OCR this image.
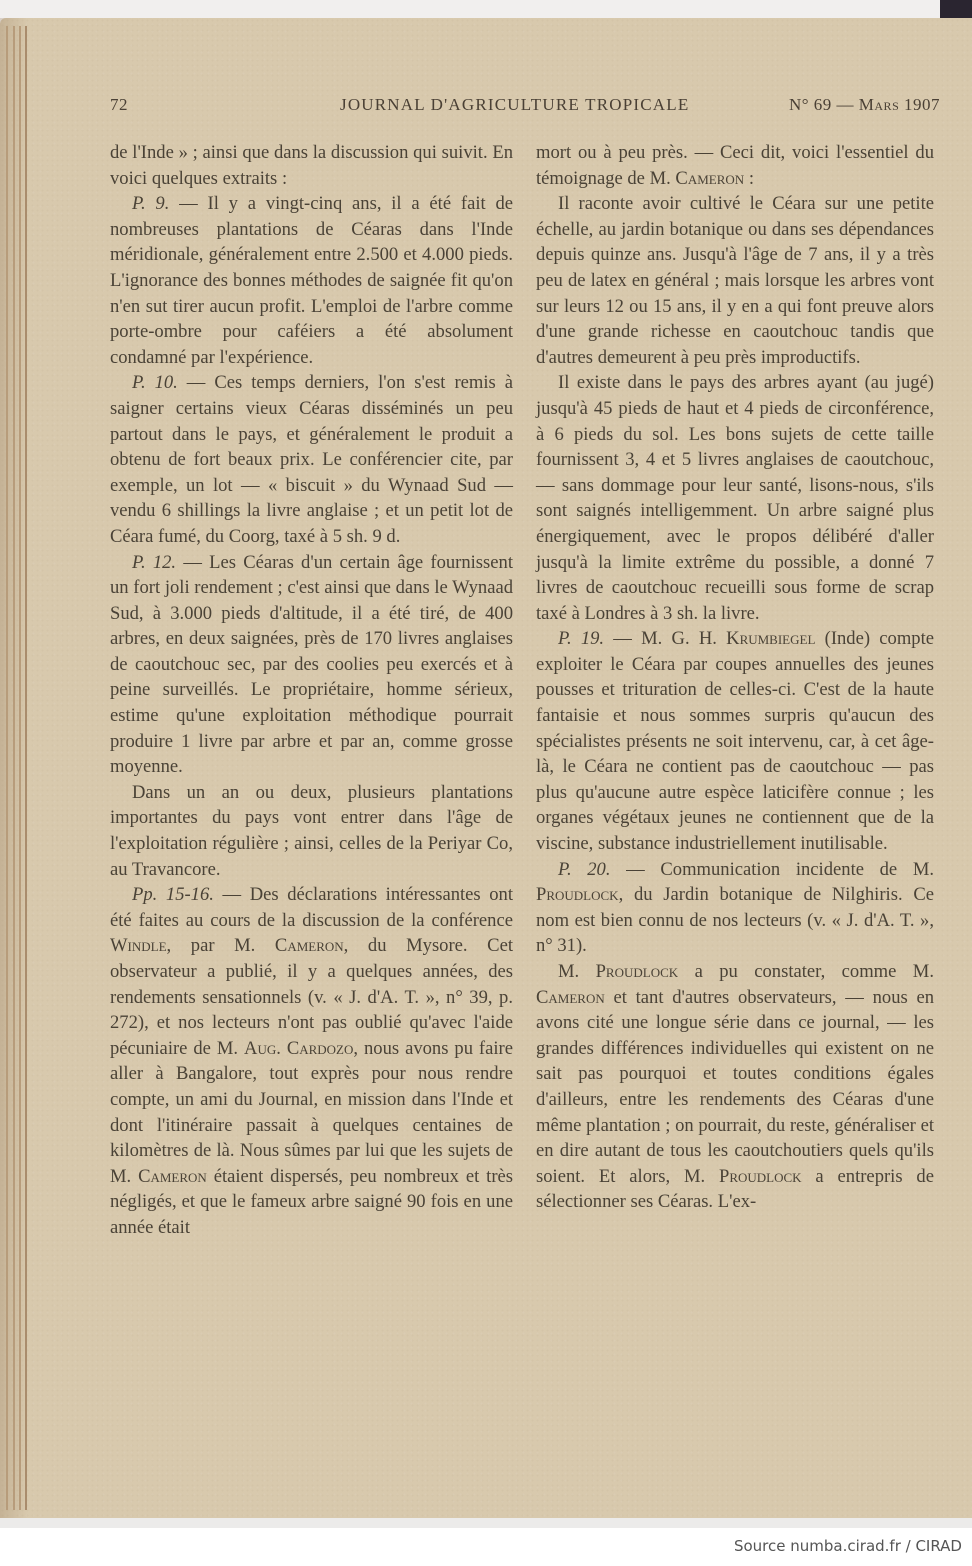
72	JOURNAL D'AGRICULTURE TROPICALE	N° 69 — Mars 1907

de l'Inde » ; ainsi que dans la discussion qui suivit. En voici quelques extraits :

P. 9. — Il y a vingt-cinq ans, il a été fait de nombreuses plantations de Céaras dans l'Inde méridionale, généralement entre 2.500 et 4.000 pieds. L'ignorance des bonnes méthodes de saignée fit qu'on n'en sut tirer aucun profit. L'emploi de l'arbre comme porte-ombre pour caféiers a été absolument condamné par l'expérience.

P. 10. — Ces temps derniers, l'on s'est remis à saigner certains vieux Céaras disséminés un peu partout dans le pays, et généralement le produit a obtenu de fort beaux prix. Le conférencier cite, par exemple, un lot — « biscuit » du Wynaad Sud — vendu 6 shillings la livre anglaise ; et un petit lot de Céara fumé, du Coorg, taxé à 5 sh. 9 d.

P. 12. — Les Céaras d'un certain âge fournissent un fort joli rendement ; c'est ainsi que dans le Wynaad Sud, à 3.000 pieds d'altitude, il a été tiré, de 400 arbres, en deux saignées, près de 170 livres anglaises de caoutchouc sec, par des coolies peu exercés et à peine surveillés. Le propriétaire, homme sérieux, estime qu'une exploitation méthodique pourrait produire 1 livre par arbre et par an, comme grosse moyenne.

Dans un an ou deux, plusieurs plantations importantes du pays vont entrer dans l'âge de l'exploitation régulière ; ainsi, celles de la Periyar Co, au Travancore.

Pp. 15-16. — Des déclarations intéressantes ont été faites au cours de la discussion de la conférence Windle, par M. Cameron, du Mysore. Cet observateur a publié, il y a quelques années, des rendements sensationnels (v. « J. d'A. T. », n° 39, p. 272), et nos lecteurs n'ont pas oublié qu'avec l'aide pécuniaire de M. Aug. Cardozo, nous avons pu faire aller à Bangalore, tout exprès pour nous rendre compte, un ami du Journal, en mission dans l'Inde et dont l'itinéraire passait à quelques centaines de kilomètres de là. Nous sûmes par lui que les sujets de M. Cameron étaient dispersés, peu nombreux et très négligés, et que le fameux arbre saigné 90 fois en une année était

mort ou à peu près. — Ceci dit, voici l'essentiel du témoignage de M. Cameron :

Il raconte avoir cultivé le Céara sur une petite échelle, au jardin botanique ou dans ses dépendances depuis quinze ans. Jusqu'à l'âge de 7 ans, il y a très peu de latex en général ; mais lorsque les arbres vont sur leurs 12 ou 15 ans, il y en a qui font preuve alors d'une grande richesse en caoutchouc tandis que d'autres demeurent à peu près improductifs.

Il existe dans le pays des arbres ayant (au jugé) jusqu'à 45 pieds de haut et 4 pieds de circonférence, à 6 pieds du sol. Les bons sujets de cette taille fournissent 3, 4 et 5 livres anglaises de caoutchouc, — sans dommage pour leur santé, lisons-nous, s'ils sont saignés intelligemment. Un arbre saigné plus énergiquement, avec le propos délibéré d'aller jusqu'à la limite extrême du possible, a donné 7 livres de caoutchouc recueilli sous forme de scrap taxé à Londres à 3 sh. la livre.

P. 19. — M. G. H. Krumbiegel (Inde) compte exploiter le Céara par coupes annuelles des jeunes pousses et trituration de celles-ci. C'est de la haute fantaisie et nous sommes surpris qu'aucun des spécialistes présents ne soit intervenu, car, à cet âge-là, le Céara ne contient pas de caoutchouc — pas plus qu'aucune autre espèce laticifère connue ; les organes végétaux jeunes ne contiennent que de la viscine, substance industriellement inutilisable.

P. 20. — Communication incidente de M. Proudlock, du Jardin botanique de Nilghiris. Ce nom est bien connu de nos lecteurs (v. « J. d'A. T. », n° 31).

M. Proudlock a pu constater, comme M. Cameron et tant d'autres observateurs, — nous en avons cité une longue série dans ce journal, — les grandes différences individuelles qui existent on ne sait pas pourquoi et toutes conditions égales d'ailleurs, entre les rendements des Céaras d'une même plantation ; on pourrait, du reste, généraliser et en dire autant de tous les caoutchoutiers quels qu'ils soient. Et alors, M. Proudlock a entrepris de sélectionner ses Céaras. L'ex-

Source numba.cirad.fr / CIRAD
